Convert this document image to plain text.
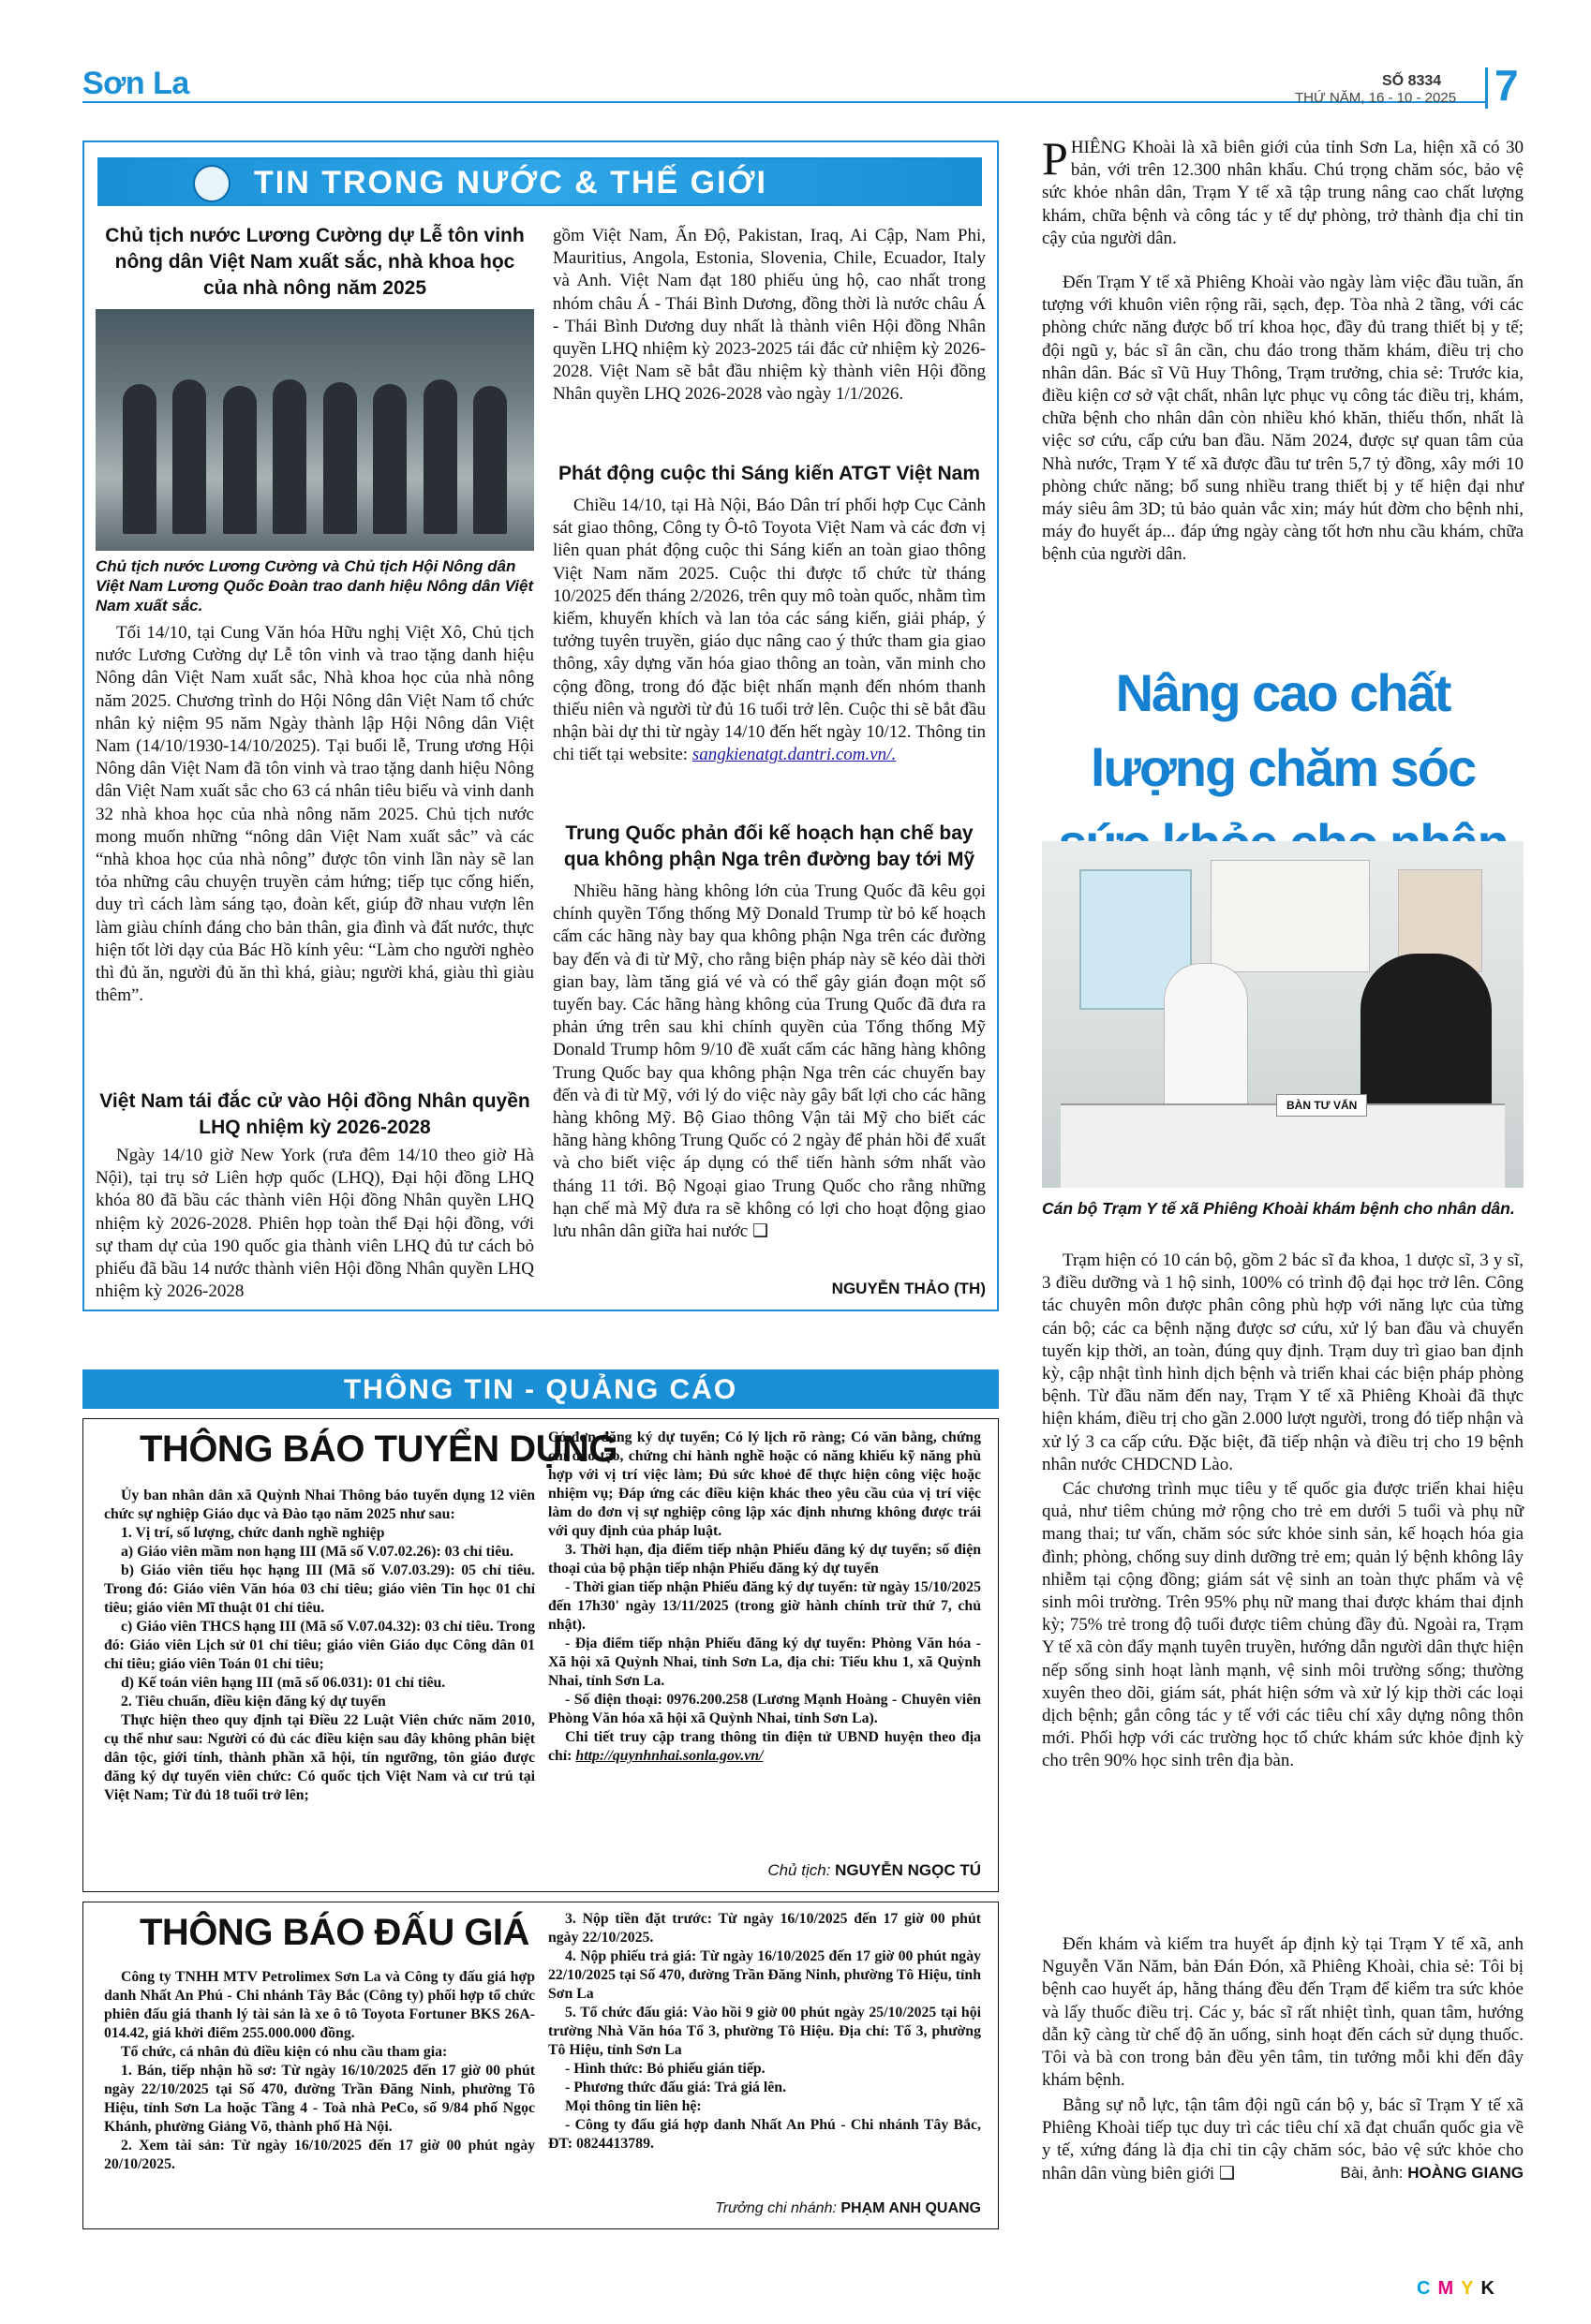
Sơn La	SỐ 8334
THỨ NĂM, 16 - 10 - 2025 7
TIN TRONG NƯỚC & THẾ GIỚI
Chủ tịch nước Lương Cường dự Lễ tôn vinh nông dân Việt Nam xuất sắc, nhà khoa học của nhà nông năm 2025
Chủ tịch nước Lương Cường và Chủ tịch Hội Nông dân Việt Nam Lương Quốc Đoàn trao danh hiệu Nông dân Việt Nam xuất sắc.
Tối 14/10, tại Cung Văn hóa Hữu nghị Việt Xô, Chủ tịch nước Lương Cường dự Lễ tôn vinh và trao tặng danh hiệu Nông dân Việt Nam xuất sắc, Nhà khoa học của nhà nông năm 2025. Chương trình do Hội Nông dân Việt Nam tổ chức nhân kỷ niệm 95 năm Ngày thành lập Hội Nông dân Việt Nam (14/10/1930-14/10/2025). Tại buổi lễ, Trung ương Hội Nông dân Việt Nam đã tôn vinh và trao tặng danh hiệu Nông dân Việt Nam xuất sắc cho 63 cá nhân tiêu biểu và vinh danh 32 nhà khoa học của nhà nông năm 2025. Chủ tịch nước mong muốn những “nông dân Việt Nam xuất sắc” và các “nhà khoa học của nhà nông” được tôn vinh lần này sẽ lan tỏa những câu chuyện truyền cảm hứng; tiếp tục cống hiến, duy trì cách làm sáng tạo, đoàn kết, giúp đỡ nhau vượn lên làm giàu chính đáng cho bản thân, gia đình và đất nước, thực hiện tốt lời dạy của Bác Hồ kính yêu: “Làm cho người nghèo thì đủ ăn, người đủ ăn thì khá, giàu; người khá, giàu thì giàu thêm”.
Việt Nam tái đắc cử vào Hội đồng Nhân quyền LHQ nhiệm kỳ 2026-2028
Ngày 14/10 giờ New York (rưa đêm 14/10 theo giờ Hà Nội), tại trụ sở Liên hợp quốc (LHQ), Đại hội đồng LHQ khóa 80 đã bầu các thành viên Hội đồng Nhân quyền LHQ nhiệm kỳ 2026-2028. Phiên họp toàn thể Đại hội đồng, với sự tham dự của 190 quốc gia thành viên LHQ đủ tư cách bỏ phiếu đã bầu 14 nước thành viên Hội đồng Nhân quyền LHQ nhiệm kỳ 2026-2028
gồm Việt Nam, Ấn Độ, Pakistan, Iraq, Ai Cập, Nam Phi, Mauritius, Angola, Estonia, Slovenia, Chile, Ecuador, Italy và Anh. Việt Nam đạt 180 phiếu ủng hộ, cao nhất trong nhóm châu Á - Thái Bình Dương, đồng thời là nước châu Á - Thái Bình Dương duy nhất là thành viên Hội đồng Nhân quyền LHQ nhiệm kỳ 2023-2025 tái đắc cử nhiệm kỳ 2026-2028. Việt Nam sẽ bắt đầu nhiệm kỳ thành viên Hội đồng Nhân quyền LHQ 2026-2028 vào ngày 1/1/2026.
Phát động cuộc thi Sáng kiến ATGT Việt Nam
Chiều 14/10, tại Hà Nội, Báo Dân trí phối hợp Cục Cảnh sát giao thông, Công ty Ô-tô Toyota Việt Nam và các đơn vị liên quan phát động cuộc thi Sáng kiến an toàn giao thông Việt Nam năm 2025. Cuộc thi được tổ chức từ tháng 10/2025 đến tháng 2/2026, trên quy mô toàn quốc, nhằm tìm kiếm, khuyến khích và lan tỏa các sáng kiến, giải pháp, ý tưởng tuyên truyền, giáo dục nâng cao ý thức tham gia giao thông, xây dựng văn hóa giao thông an toàn, văn minh cho cộng đồng, trong đó đặc biệt nhấn mạnh đến nhóm thanh thiếu niên và người từ đủ 16 tuổi trở lên. Cuộc thi sẽ bắt đầu nhận bài dự thi từ ngày 14/10 đến hết ngày 10/12. Thông tin chi tiết tại website: sangkienatgt.dantri.com.vn/.
Trung Quốc phản đối kế hoạch hạn chế bay qua không phận Nga trên đường bay tới Mỹ
Nhiều hãng hàng không lớn của Trung Quốc đã kêu gọi chính quyền Tổng thống Mỹ Donald Trump từ bỏ kế hoạch cấm các hãng này bay qua không phận Nga trên các đường bay đến và đi từ Mỹ, cho rằng biện pháp này sẽ kéo dài thời gian bay, làm tăng giá vé và có thể gây gián đoạn một số tuyến bay. Các hãng hàng không của Trung Quốc đã đưa ra phản ứng trên sau khi chính quyền của Tổng thống Mỹ Donald Trump hôm 9/10 đề xuất cấm các hãng hàng không Trung Quốc bay qua không phận Nga trên các chuyến bay đến và đi từ Mỹ, với lý do việc này gây bất lợi cho các hãng hàng không Mỹ. Bộ Giao thông Vận tải Mỹ cho biết các hãng hàng không Trung Quốc có 2 ngày để phản hồi để xuất và cho biết việc áp dụng có thể tiến hành sớm nhất vào tháng 11 tới. Bộ Ngoại giao Trung Quốc cho rằng những hạn chế mà Mỹ đưa ra sẽ không có lợi cho hoạt động giao lưu nhân dân giữa hai nước ❑
NGUYỄN THẢO (TH)
THÔNG TIN - QUẢNG CÁO
THÔNG BÁO TUYỂN DỤNG

Ủy ban nhân dân xã Quỳnh Nhai Thông báo tuyển dụng 12 viên chức sự nghiệp Giáo dục và Đào tạo năm 2025 như sau:

1. Vị trí, số lượng, chức danh nghề nghiệp

a) Giáo viên mầm non hạng III (Mã số V.07.02.26): 03 chỉ tiêu.

b) Giáo viên tiểu học hạng III (Mã số V.07.03.29): 05 chỉ tiêu. Trong đó: Giáo viên Văn hóa 03 chỉ tiêu; giáo viên Tin học 01 chỉ tiêu; giáo viên Mĩ thuật 01 chỉ tiêu.

c) Giáo viên THCS hạng III (Mã số V.07.04.32): 03 chỉ tiêu. Trong đó: Giáo viên Lịch sử 01 chỉ tiêu; giáo viên Giáo dục Công dân 01 chỉ tiêu; giáo viên Toán 01 chỉ tiêu;

d) Kế toán viên hạng III (mã số 06.031): 01 chỉ tiêu.

2. Tiêu chuẩn, điều kiện đăng ký dự tuyển

Thực hiện theo quy định tại Điều 22 Luật Viên chức năm 2010, cụ thể như sau: Người có đủ các điều kiện sau đây không phân biệt dân tộc, giới tính, thành phần xã hội, tín ngưỡng, tôn giáo được đăng ký dự tuyển viên chức: Có quốc tịch Việt Nam và cư trú tại Việt Nam; Từ đủ 18 tuổi trở lên;

Có đơn đăng ký dự tuyển; Có lý lịch rõ ràng; Có văn bằng, chứng chỉ đào tạo, chứng chỉ hành nghề hoặc có năng khiếu kỹ năng phù hợp với vị trí việc làm; Đủ sức khoẻ để thực hiện công việc hoặc nhiệm vụ; Đáp ứng các điều kiện khác theo yêu cầu của vị trí việc làm do đơn vị sự nghiệp công lập xác định nhưng không được trái với quy định của pháp luật.

3. Thời hạn, địa điểm tiếp nhận Phiếu đăng ký dự tuyển; số điện thoại của bộ phận tiếp nhận Phiếu đăng ký dự tuyển

- Thời gian tiếp nhận Phiếu đăng ký dự tuyển: từ ngày 15/10/2025 đến 17h30' ngày 13/11/2025 (trong giờ hành chính trừ thứ 7, chủ nhật).

- Địa điểm tiếp nhận Phiếu đăng ký dự tuyển: Phòng Văn hóa - Xã hội xã Quỳnh Nhai, tỉnh Sơn La, địa chỉ: Tiểu khu 1, xã Quỳnh Nhai, tỉnh Sơn La.

- Số điện thoại: 0976.200.258 (Lương Mạnh Hoàng - Chuyên viên Phòng Văn hóa xã hội xã Quỳnh Nhai, tỉnh Sơn La).

Chi tiết truy cập trang thông tin điện tử UBND huyện theo địa chỉ: http://quynhnhai.sonla.gov.vn/

Chủ tịch: NGUYỄN NGỌC TÚ
THÔNG BÁO ĐẤU GIÁ

Công ty TNHH MTV Petrolimex Sơn La và Công ty đấu giá hợp danh Nhất An Phú - Chi nhánh Tây Bắc (Công ty) phối hợp tổ chức phiên đấu giá thanh lý tài sản là xe ô tô Toyota Fortuner BKS 26A-014.42, giá khởi điểm 255.000.000 đồng.

Tổ chức, cá nhân đủ điều kiện có nhu cầu tham gia:

1. Bán, tiếp nhận hồ sơ: Từ ngày 16/10/2025 đến 17 giờ 00 phút ngày 22/10/2025 tại Số 470, đường Trần Đăng Ninh, phường Tô Hiệu, tỉnh Sơn La hoặc Tầng 4 - Toà nhà PeCo, số 9/84 phố Ngọc Khánh, phường Giảng Võ, thành phố Hà Nội.

2. Xem tài sản: Từ ngày 16/10/2025 đến 17 giờ 00 phút ngày 20/10/2025.

3. Nộp tiền đặt trước: Từ ngày 16/10/2025 đến 17 giờ 00 phút ngày 22/10/2025.

4. Nộp phiếu trả giá: Từ ngày 16/10/2025 đến 17 giờ 00 phút ngày 22/10/2025 tại Số 470, đường Trần Đăng Ninh, phường Tô Hiệu, tỉnh Sơn La

5. Tổ chức đấu giá: Vào hồi 9 giờ 00 phút ngày 25/10/2025 tại hội trường Nhà Văn hóa Tổ 3, phường Tô Hiệu. Địa chỉ: Tổ 3, phường Tô Hiệu, tỉnh Sơn La

- Hình thức: Bỏ phiếu gián tiếp.

- Phương thức đấu giá: Trả giá lên.

Mọi thông tin liên hệ:

- Công ty đấu giá hợp danh Nhất An Phú - Chi nhánh Tây Bắc, ĐT: 0824413789.

Trưởng chi nhánh: PHẠM ANH QUANG
P HIÊNG Khoài là xã biên giới của tỉnh Sơn La, hiện xã có 30 bản, với trên 12.300 nhân khẩu. Chú trọng chăm sóc, bảo vệ sức khỏe nhân dân, Trạm Y tế xã tập trung nâng cao chất lượng khám, chữa bệnh và công tác y tế dự phòng, trở thành địa chỉ tin cậy của người dân.
Đến Trạm Y tế xã Phiêng Khoài vào ngày làm việc đầu tuần, ấn tượng với khuôn viên rộng rãi, sạch, đẹp. Tòa nhà 2 tầng, với các phòng chức năng được bố trí khoa học, đầy đủ trang thiết bị y tế; đội ngũ y, bác sĩ ân cần, chu đáo trong thăm khám, điều trị cho nhân dân. Bác sĩ Vũ Huy Thông, Trạm trưởng, chia sẻ: Trước kia, điều kiện cơ sở vật chất, nhân lực phục vụ công tác điều trị, khám, chữa bệnh cho nhân dân còn nhiều khó khăn, thiếu thốn, nhất là việc sơ cứu, cấp cứu ban đầu. Năm 2024, được sự quan tâm của Nhà nước, Trạm Y tế xã được đầu tư trên 5,7 tỷ đồng, xây mới 10 phòng chức năng; bổ sung nhiều trang thiết bị y tế hiện đại như máy siêu âm 3D; tủ bảo quản vắc xin; máy hút đờm cho bệnh nhi, máy đo huyết áp... đáp ứng ngày càng tốt hơn nhu cầu khám, chữa bệnh của người dân.
Nâng cao chất lượng chăm sóc
BÀN TƯ VẤN
Cán bộ Trạm Y tế xã Phiêng Khoài khám bệnh cho nhân dân.
Trạm hiện có 10 cán bộ, gồm 2 bác sĩ đa khoa, 1 dược sĩ, 3 y sĩ, 3 điều dưỡng và 1 hộ sinh, 100% có trình độ đại học trở lên. Công tác chuyên môn được phân công phù hợp với năng lực của từng cán bộ; các ca bệnh nặng được sơ cứu, xử lý ban đầu và chuyển tuyến kịp thời, an toàn, đúng quy định. Trạm duy trì giao ban định kỳ, cập nhật tình hình dịch bệnh và triển khai các biện pháp phòng bệnh. Từ đầu năm đến nay, Trạm Y tế xã Phiêng Khoài đã thực hiện khám, điều trị cho gần 2.000 lượt người, trong đó tiếp nhận và xử lý 3 ca cấp cứu. Đặc biệt, đã tiếp nhận và điều trị cho 19 bệnh nhân nước CHDCND Lào.
Các chương trình mục tiêu y tế quốc gia được triển khai hiệu quả, như tiêm chủng mở rộng cho trẻ em dưới 5 tuổi và phụ nữ mang thai; tư vấn, chăm sóc sức khỏe sinh sản, kế hoạch hóa gia đình; phòng, chống suy dinh dưỡng trẻ em; quản lý bệnh không lây nhiễm tại cộng đồng; giám sát vệ sinh an toàn thực phẩm và vệ sinh môi trường. Trên 95% phụ nữ mang thai được khám thai định kỳ; 75% trẻ trong độ tuổi được tiêm chủng đầy đủ. Ngoài ra, Trạm Y tế xã còn đẩy mạnh tuyên truyền, hướng dẫn người dân thực hiện nếp sống sinh hoạt lành mạnh, vệ sinh môi trường sống; thường xuyên theo dõi, giám sát, phát hiện sớm và xử lý kịp thời các loại dịch bệnh; gắn công tác y tế với các tiêu chí xây dựng nông thôn mới. Phối hợp với các trường học tổ chức khám sức khỏe định kỳ cho trên 90% học sinh trên địa bàn.
Đến khám và kiểm tra huyết áp định kỳ tại Trạm Y tế xã, anh Nguyễn Văn Năm, bản Đán Đón, xã Phiêng Khoài, chia sẻ: Tôi bị bệnh cao huyết áp, hằng tháng đều đến Trạm để kiểm tra sức khỏe và lấy thuốc điều trị. Các y, bác sĩ rất nhiệt tình, quan tâm, hướng dẫn kỹ càng từ chế độ ăn uống, sinh hoạt đến cách sử dụng thuốc. Tôi và bà con trong bản đều yên tâm, tin tưởng mỗi khi đến đây khám bệnh.
Bằng sự nỗ lực, tận tâm đội ngũ cán bộ y, bác sĩ Trạm Y tế xã Phiêng Khoài tiếp tục duy trì các tiêu chí xã đạt chuẩn quốc gia về y tế, xứng đáng là địa chỉ tin cậy chăm sóc, bảo vệ sức khỏe cho nhân dân vùng biên giới ❑	Bài, ảnh: HOÀNG GIANG
CMYK
